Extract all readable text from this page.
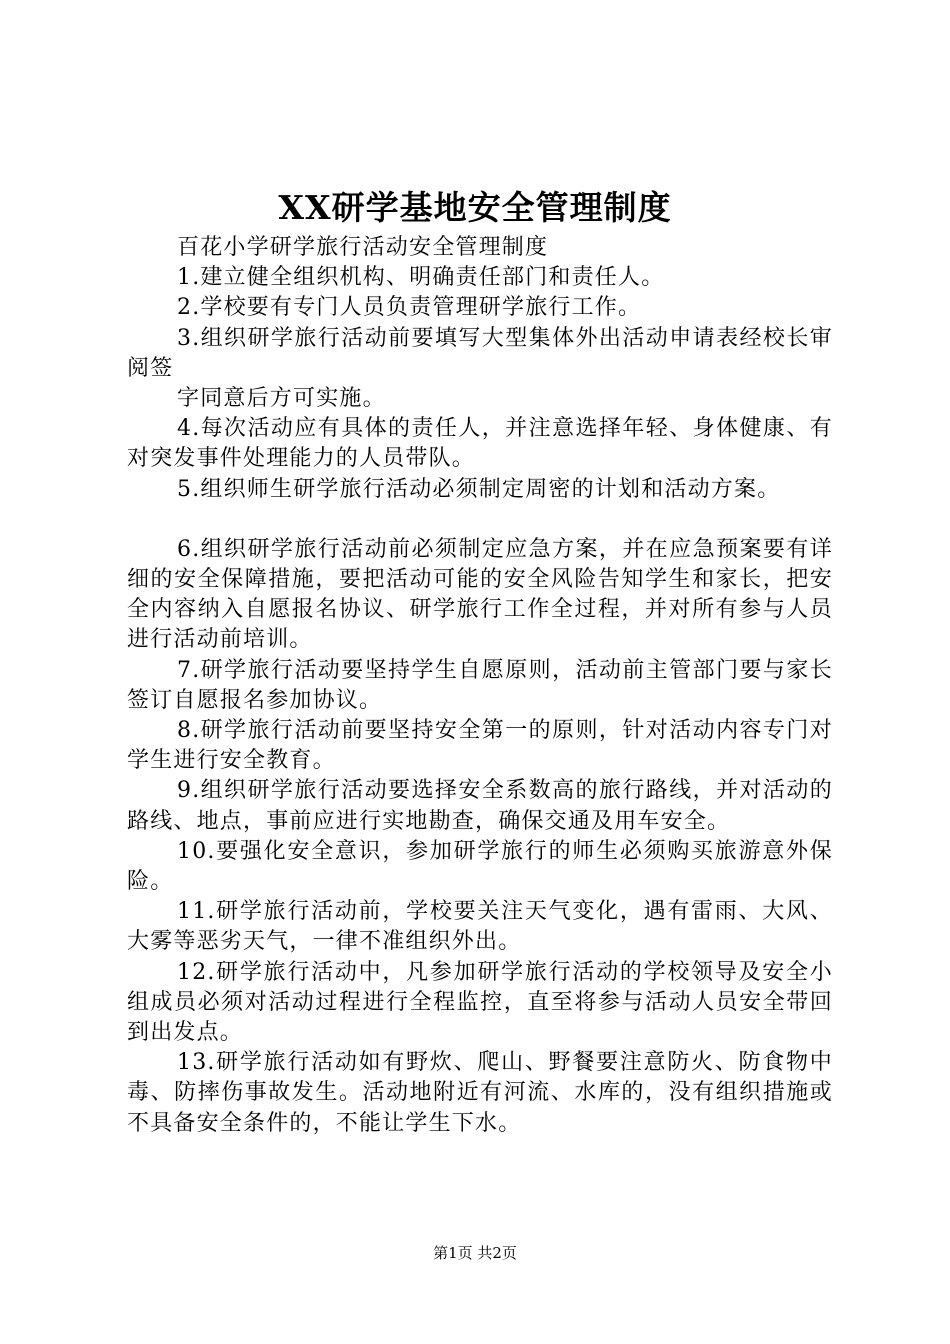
XX研学基地安全管理制度

百花小学研学旅行活动安全管理制度

1.建立健全组织机构、明确责任部门和责任人。

2.学校要有专门人员负责管理研学旅行工作。

3.组织研学旅行活动前要填写大型集体外出活动申请表经校长审阅签

字同意后方可实施。

4.每次活动应有具体的责任人，并注意选择年轻、身体健康、有对突发事件处理能力的人员带队。

5.组织师生研学旅行活动必须制定周密的计划和活动方案。

6.组织研学旅行活动前必须制定应急方案，并在应急预案要有详细的安全保障措施，要把活动可能的安全风险告知学生和家长，把安全内容纳入自愿报名协议、研学旅行工作全过程，并对所有参与人员进行活动前培训。

7.研学旅行活动要坚持学生自愿原则，活动前主管部门要与家长签订自愿报名参加协议。

8.研学旅行活动前要坚持安全第一的原则，针对活动内容专门对学生进行安全教育。

9.组织研学旅行活动要选择安全系数高的旅行路线，并对活动的路线、地点，事前应进行实地勘查，确保交通及用车安全。

10.要强化安全意识，参加研学旅行的师生必须购买旅游意外保险。

11.研学旅行活动前，学校要关注天气变化，遇有雷雨、大风、大雾等恶劣天气，一律不准组织外出。

12.研学旅行活动中，凡参加研学旅行活动的学校领导及安全小组成员必须对活动过程进行全程监控，直至将参与活动人员安全带回到出发点。

13.研学旅行活动如有野炊、爬山、野餐要注意防火、防食物中毒、防摔伤事故发生。活动地附近有河流、水库的，没有组织措施或不具备安全条件的，不能让学生下水。

第1页 共2页
